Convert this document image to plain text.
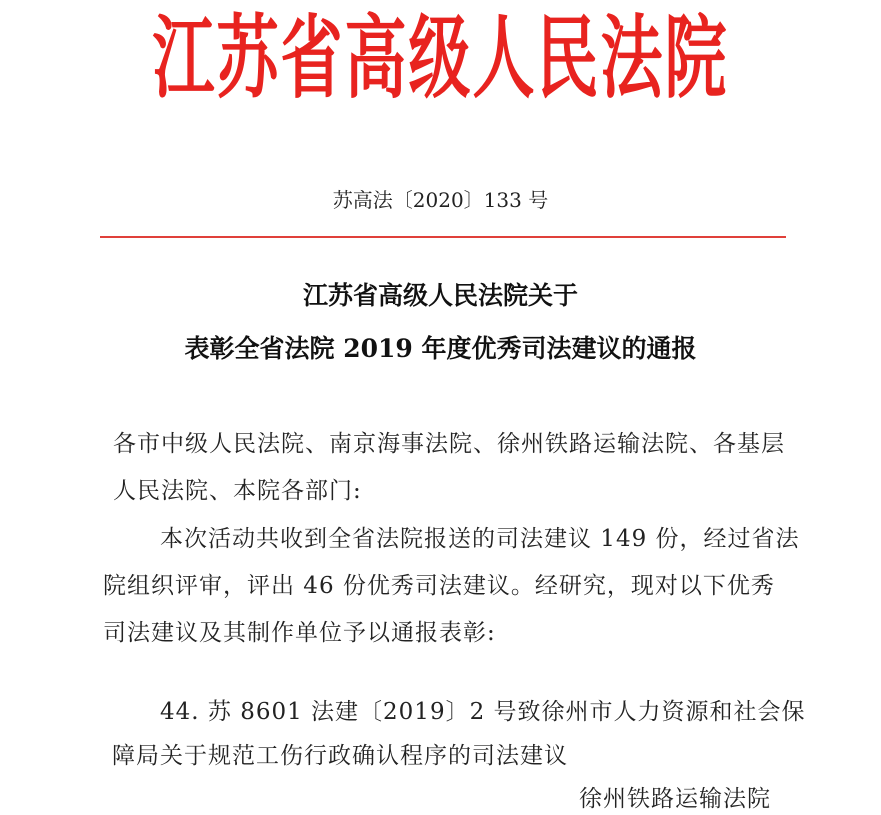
江苏省高级人民法院
苏高法〔2020〕133 号
江苏省高级人民法院关于
表彰全省法院 2019 年度优秀司法建议的通报
各市中级人民法院、南京海事法院、徐州铁路运输法院、各基层
人民法院、本院各部门:
本次活动共收到全省法院报送的司法建议 149 份，经过省法
院组织评审，评出 46 份优秀司法建议。经研究，现对以下优秀
司法建议及其制作单位予以通报表彰:
44. 苏 8601 法建〔2019〕2 号致徐州市人力资源和社会保
障局关于规范工伤行政确认程序的司法建议
徐州铁路运输法院
